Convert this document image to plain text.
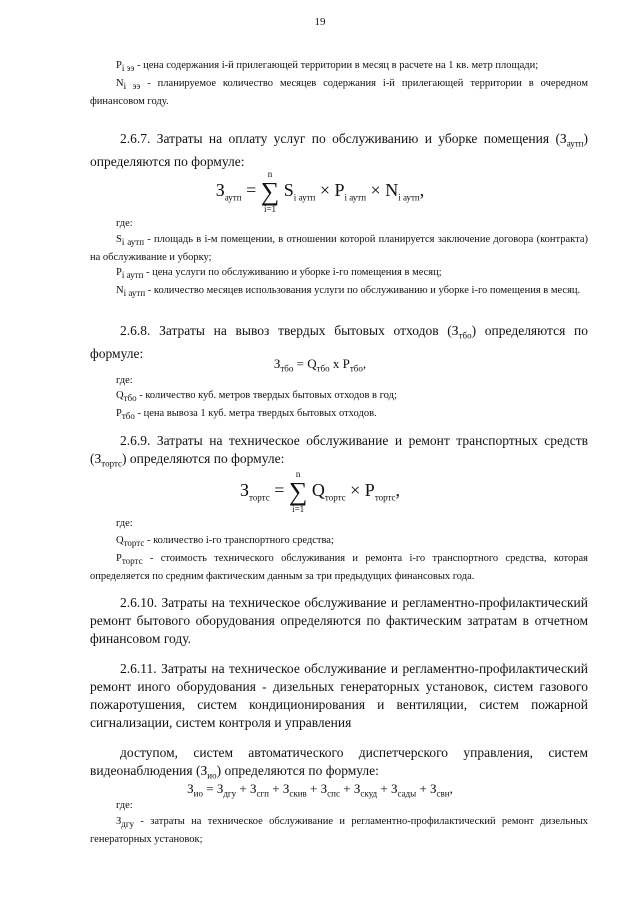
19

$P_{i ээ}$ - цена содержания i-й прилегающей территории в месяц в расчете на 1 кв. метр площади;

$N_{i ээ}$ - планируемое количество месяцев содержания i-й прилегающей территории в очередном финансовом году.

2.6.7. Затраты на оплату услуг по обслуживанию и уборке помещения $(З_{аутп})$ определяются по формуле:
$З_{аутп}$ =
n
∑
i=1
$S_{i аутп} \times P_{i аутп} \times N_{i аутп}$,
где:

$S_{i аутп}$ - площадь в i-м помещении, в отношении которой планируется заключение договора (контракта) на обслуживание и уборку;

$P_{i аутп}$ - цена услуги по обслуживанию и уборке i-го помещения в месяц;

$N_{i аутп}$ - количество месяцев использования услуги по обслуживанию и уборке i-го помещения в месяц.

2.6.8. Затраты на вывоз твердых бытовых отходов $(З_{тбо})$ определяются по формуле:
$З_{тбо} = Q_{тбо}$ x $P_{тбо}$,
где:

$Q_{тбо}$ - количество куб. метров твердых бытовых отходов в год;

$P_{тбо}$ - цена вывоза 1 куб. метра твердых бытовых отходов.

2.6.9. Затраты на техническое обслуживание и ремонт транспортных средств $(З_{тортс})$ определяются по формуле:
$З_{тортс}$ =
n
∑
i=1
$Q_{тортс} \times P_{тортс}$,
где:

$Q_{тортс}$ - количество i-го транспортного средства;

$P_{тортс}$ - стоимость технического обслуживания и ремонта i-го транспортного средства, которая определяется по средним фактическим данным за три предыдущих финансовых года.

2.6.10. Затраты на техническое обслуживание и регламентно-профилактический ремонт бытового оборудования определяются по фактическим затратам в отчетном финансовом году.
2.6.11. Затраты на техническое обслуживание и регламентно-профилактический ремонт иного оборудования - дизельных генераторных установок, систем газового пожаротушения, систем кондиционирования и вентиляции, систем пожарной сигнализации, систем контроля и управления
доступом, систем автоматического диспетчерского управления, систем видеонаблюдения $(З_{ио})$ определяются по формуле:
$З_{ио} = З_{дгу} + З_{сгп} + З_{скив} + З_{спс} + З_{скуд} + З_{сады} + З_{свн}$,
где:

$З_{дгу}$ - затраты на техническое обслуживание и регламентно-профилактический ремонт дизельных генераторных установок;
